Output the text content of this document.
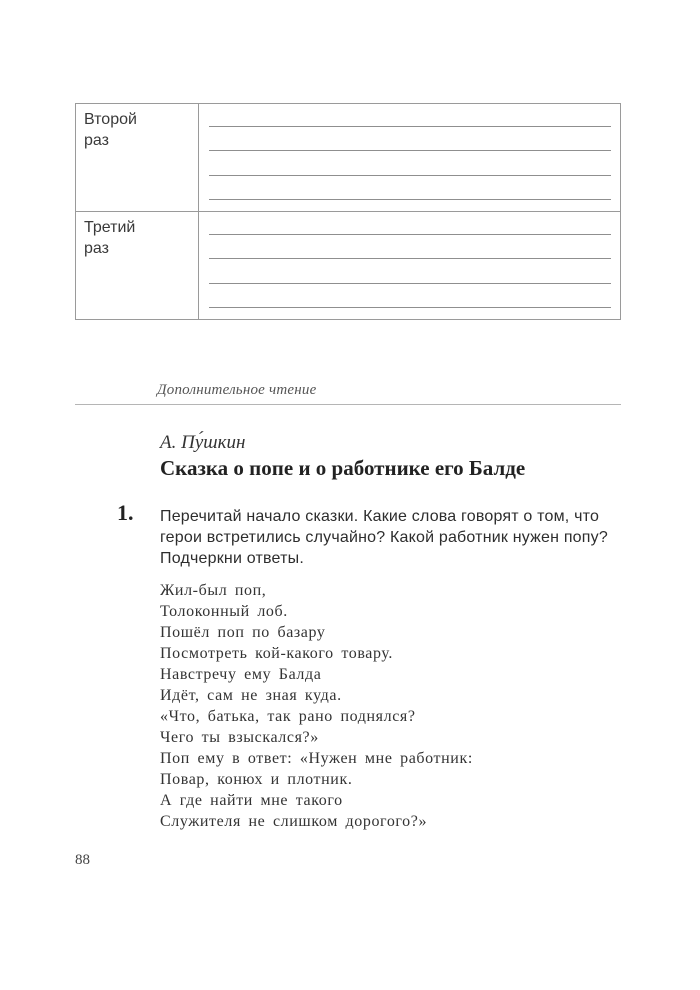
Второй
раз
Третий
раз
Дополнительное чтение
А. Пу́шкин
Сказка о попе и о работнике его Балде
1. Перечитай начало сказки. Какие слова говорят о том, что герои встретились случайно? Какой работник нужен попу? Подчеркни ответы.
Жил-был поп,
Толоконный лоб.
Пошёл поп по базару
Посмотреть кой-какого товару.
Навстречу ему Балда
Идёт, сам не зная куда.
«Что, батька, так рано поднялся?
Чего ты взыскался?»
Поп ему в ответ: «Нужен мне работник:
Повар, конюх и плотник.
А где найти мне такого
Служителя не слишком дорогого?»
88
